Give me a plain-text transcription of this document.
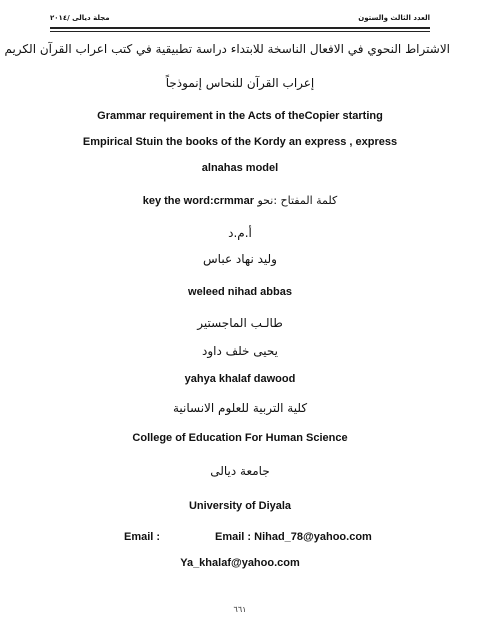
العدد الثالث والستون
مجلة ديالى /٢٠١٤
الاشتراط النحوي في الافعال الناسخة للابتداء دراسة تطبيقية في كتب اعراب القرآن الكريم
إعراب القرآن للنحاس إنموذجاً
Grammar requirement in the Acts of theCopier starting
Empirical Stuin the books of the Kordy an express , express
alnahas model
key the word:crmmar كلمة المفتاح :نحو
أ.م.د
وليد نهاد عباس
weleed nihad abbas
طالـب الماجستير
يحيى خلف داود
yahya khalaf dawood
كلية التربية للعلوم الانسانية
College of Education For Human Science
جامعة ديالى
University of Diyala
Email :	Email : Nihad_78@yahoo.com
Ya_khalaf@yahoo.com
٦٦١
